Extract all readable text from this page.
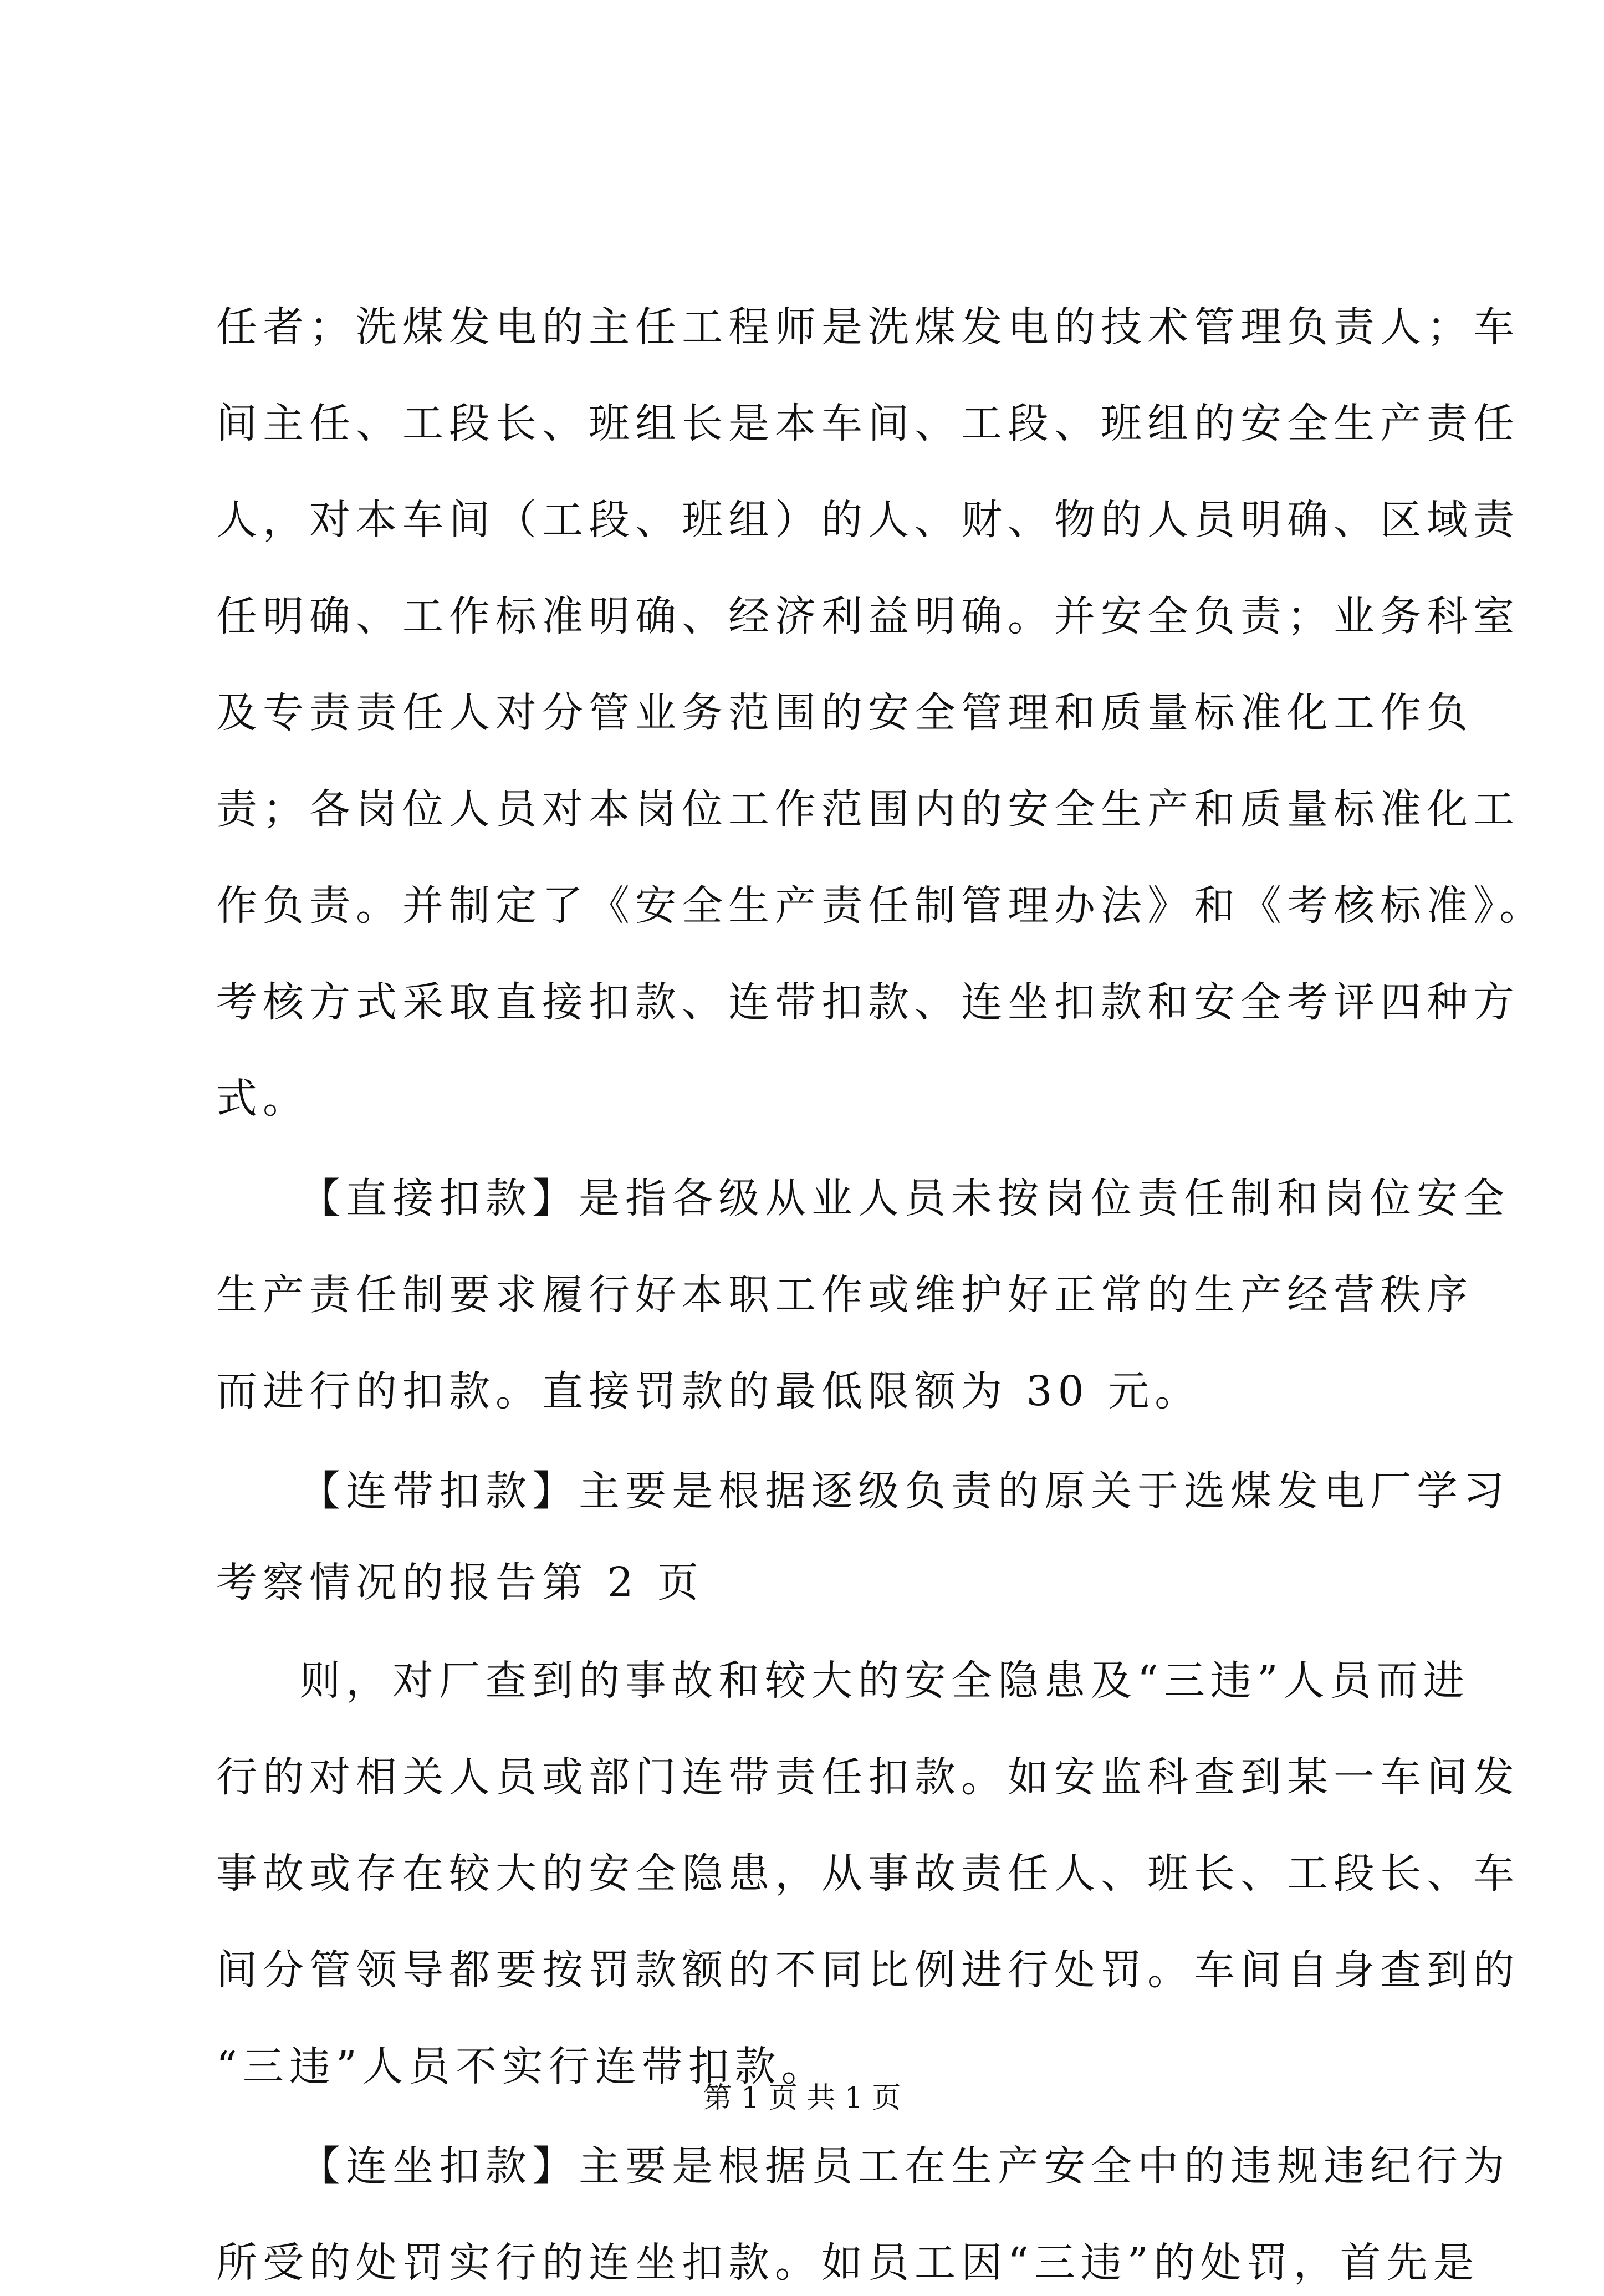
任者；洗煤发电的主任工程师是洗煤发电的技术管理负责人；车
间主任、工段长、班组长是本车间、工段、班组的安全生产责任
人，对本车间（工段、班组）的人、财、物的人员明确、区域责
任明确、工作标准明确、经济利益明确。并安全负责；业务科室
及专责责任人对分管业务范围的安全管理和质量标准化工作负
责；各岗位人员对本岗位工作范围内的安全生产和质量标准化工
作负责。并制定了《安全生产责任制管理办法》和《考核标准》。
考核方式采取直接扣款、连带扣款、连坐扣款和安全考评四种方
式。
【直接扣款】是指各级从业人员未按岗位责任制和岗位安全
生产责任制要求履行好本职工作或维护好正常的生产经营秩序
而进行的扣款。直接罚款的最低限额为 30 元。
【连带扣款】主要是根据逐级负责的原关于选煤发电厂学习
考察情况的报告第 2 页
则，对厂查到的事故和较大的安全隐患及“三违”人员而进
行的对相关人员或部门连带责任扣款。如安监科查到某一车间发
事故或存在较大的安全隐患，从事故责任人、班长、工段长、车
间分管领导都要按罚款额的不同比例进行处罚。车间自身查到的
“三违”人员不实行连带扣款。
【连坐扣款】主要是根据员工在生产安全中的违规违纪行为
所受的处罚实行的连坐扣款。如员工因“三违”的处罚，首先是
第 1 页 共 1 页
